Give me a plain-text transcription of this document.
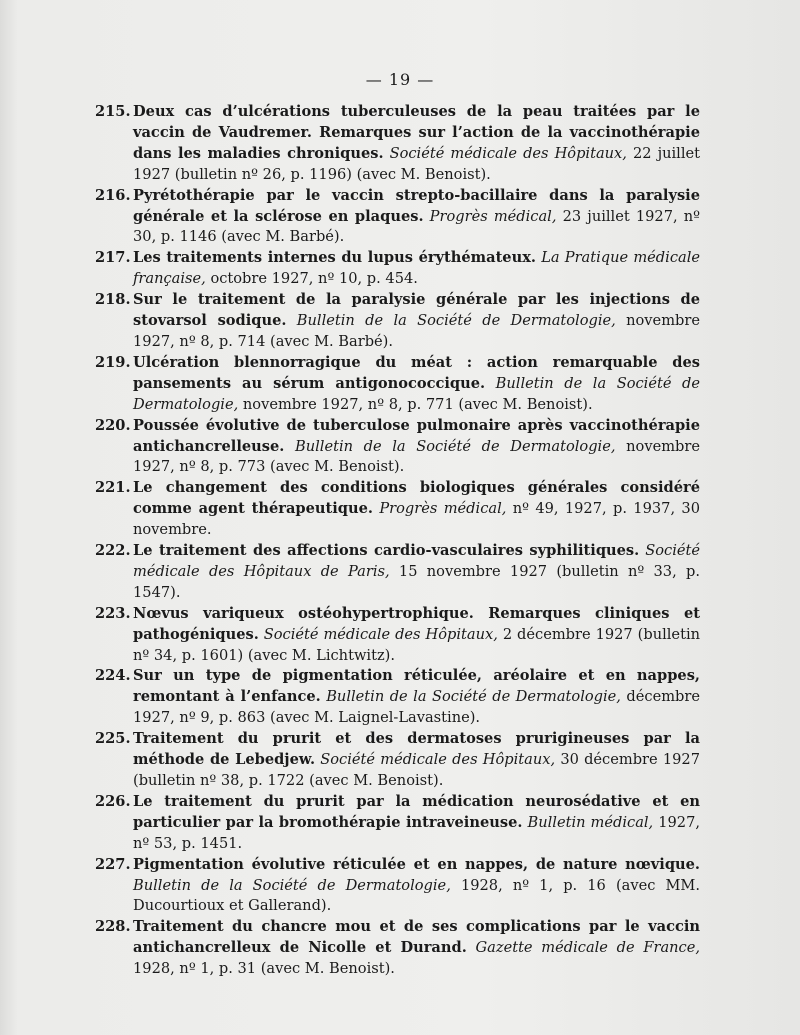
— 19 —
215. Deux cas d’ulcérations tuberculeuses de la peau traitées par le vaccin de Vaudremer. Remarques sur l’action de la vaccinothérapie dans les maladies chroniques. Société médicale des Hôpitaux, 22 juillet 1927 (bulletin nº 26, p. 1196) (avec M. Benoist).
216. Pyrétothérapie par le vaccin strepto-bacillaire dans la paralysie générale et la sclérose en plaques. Progrès médical, 23 juillet 1927, nº 30, p. 1146 (avec M. Barbé).
217. Les traitements internes du lupus érythémateux. La Pratique médicale française, octobre 1927, nº 10, p. 454.
218. Sur le traitement de la paralysie générale par les injections de stovarsol sodique. Bulletin de la Société de Dermatologie, novembre 1927, nº 8, p. 714 (avec M. Barbé).
219. Ulcération blennorragique du méat : action remarquable des pansements au sérum antigonococcique. Bulletin de la Société de Dermatologie, novembre 1927, nº 8, p. 771 (avec M. Benoist).
220. Poussée évolutive de tuberculose pulmonaire après vaccinothérapie antichancrelleuse. Bulletin de la Société de Dermatologie, novembre 1927, nº 8, p. 773 (avec M. Benoist).
221. Le changement des conditions biologiques générales considéré comme agent thérapeutique. Progrès médical, nº 49, 1927, p. 1937, 30 novembre.
222. Le traitement des affections cardio-vasculaires syphilitiques. Société médicale des Hôpitaux de Paris, 15 novembre 1927 (bulletin nº 33, p. 1547).
223. Nœvus variqueux ostéohypertrophique. Remarques cliniques et pathogéniques. Société médicale des Hôpitaux, 2 décembre 1927 (bulletin nº 34, p. 1601) (avec M. Lichtwitz).
224. Sur un type de pigmentation réticulée, aréolaire et en nappes, remontant à l’enfance. Bulletin de la Société de Dermatologie, décembre 1927, nº 9, p. 863 (avec M. Laignel-Lavastine).
225. Traitement du prurit et des dermatoses prurigineuses par la méthode de Lebedjew. Société médicale des Hôpitaux, 30 décembre 1927 (bulletin nº 38, p. 1722 (avec M. Benoist).
226. Le traitement du prurit par la médication neurosédative et en particulier par la bromothérapie intraveineuse. Bulletin médical, 1927, nº 53, p. 1451.
227. Pigmentation évolutive réticulée et en nappes, de nature nœvique. Bulletin de la Société de Dermatologie, 1928, nº 1, p. 16 (avec MM. Ducourtioux et Gallerand).
228. Traitement du chancre mou et de ses complications par le vaccin antichancrelleux de Nicolle et Durand. Gazette médicale de France, 1928, nº 1, p. 31 (avec M. Benoist).
